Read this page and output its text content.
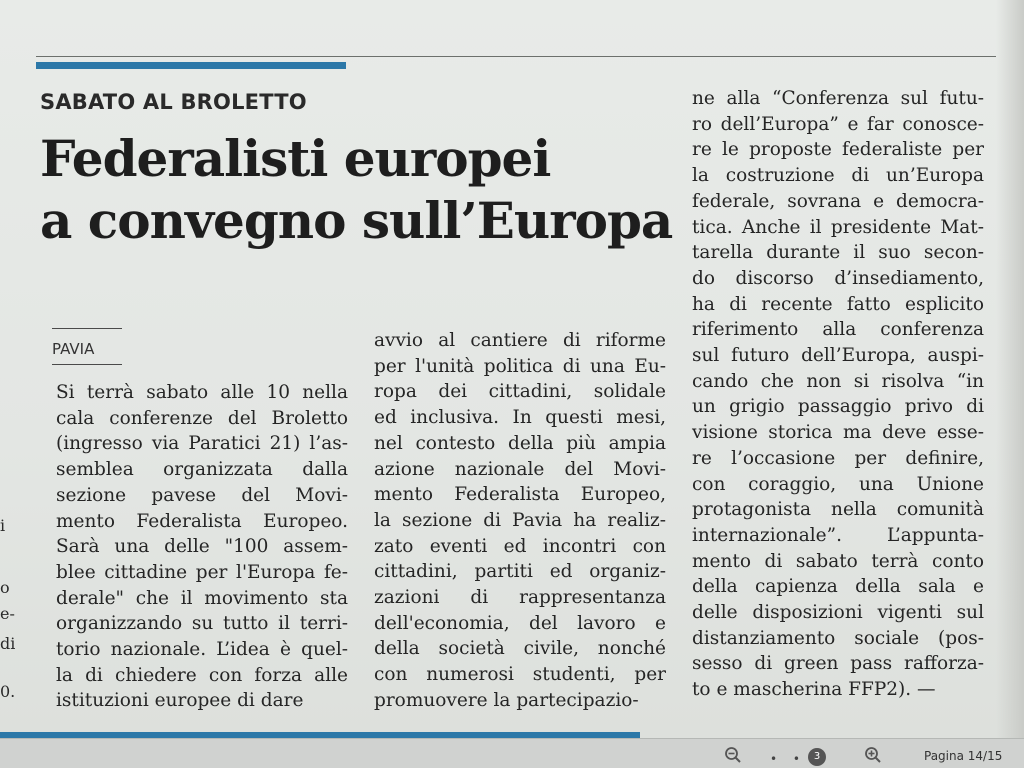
SABATO AL BROLETTO
Federalisti europei
a convegno sull’Europa
PAVIA
Si terrà sabato alle 10 nella
cala conferenze del Broletto
(ingresso via Paratici 21) l’as-
semblea organizzata dalla
sezione pavese del Movi-
mento Federalista Europeo.
Sarà una delle "100 assem-
blee cittadine per l'Europa fe-
derale" che il movimento sta
organizzando su tutto il terri-
torio nazionale. L’idea è quel-
la di chiedere con forza alle
istituzioni europee di dare
avvio al cantiere di riforme
per l'unità politica di una Eu-
ropa dei cittadini, solidale
ed inclusiva. In questi mesi,
nel contesto della più ampia
azione nazionale del Movi-
mento Federalista Europeo,
la sezione di Pavia ha realiz-
zato eventi ed incontri con
cittadini, partiti ed organiz-
zazioni di rappresentanza
dell'economia, del lavoro e
della società civile, nonché
con numerosi studenti, per
promuovere la partecipazio-
ne alla “Conferenza sul futu-
ro dell’Europa” e far conosce-
re le proposte federaliste per
la costruzione di un’Europa
federale, sovrana e democra-
tica. Anche il presidente Mat-
tarella durante il suo secon-
do discorso d’insediamento,
ha di recente fatto esplicito
riferimento alla conferenza
sul futuro dell’Europa, auspi-
cando che non si risolva “in
un grigio passaggio privo di
visione storica ma deve esse-
re l’occasione per definire,
con coraggio, una Unione
protagonista nella comunità
internazionale”. L’appunta-
mento di sabato terrà conto
della capienza della sala e
delle disposizioni vigenti sul
distanziamento sociale (pos-
sesso di green pass rafforza-
to e mascherina FFP2). —
i
o
e-
di
0.
• • 3	Pagina 14/15
